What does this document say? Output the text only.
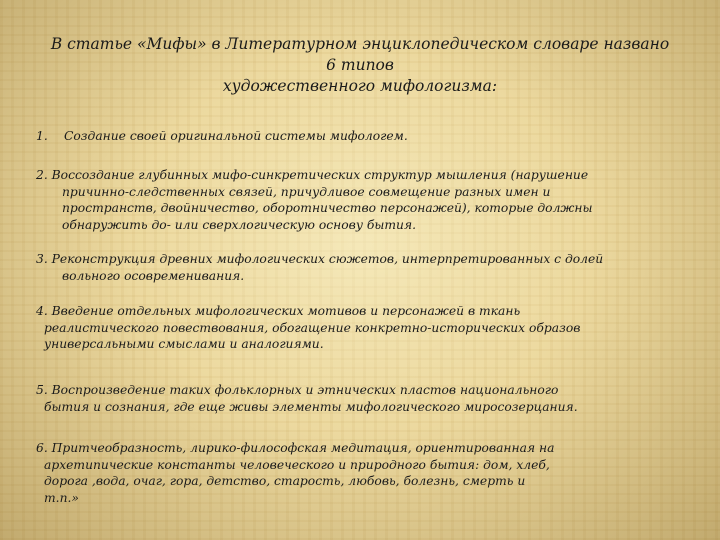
В статье «Мифы» в Литературном энциклопедическом словаре названо
6 типов
художественного мифологизма:
1.	Создание своей оригинальной системы мифологем.
2. Воссоздание глубинных мифо-синкретических структур мышления (нарушение
причинно-следственных связей, причудливое совмещение разных имен и
пространств, двойничество, оборотничество персонажей), которые должны
обнаружить до- или сверхлогическую основу бытия.
3. Реконструкция древних мифологических сюжетов, интерпретированных с долей
вольного осовременивания.
4. Введение отдельных мифологических мотивов и персонажей в ткань
реалистического повествования, обогащение конкретно-исторических образов
универсальными смыслами и аналогиями.
5. Воспроизведение таких фольклорных и этнических пластов национального
бытия и сознания, где еще живы элементы мифологического миросозерцания.
6. Притчеобразность, лирико-философская медитация, ориентированная на
архетипические константы человеческого и природного бытия: дом, хлеб,
дорога ,вода, очаг, гора, детство, старость, любовь, болезнь, смерть и
т.п.»
